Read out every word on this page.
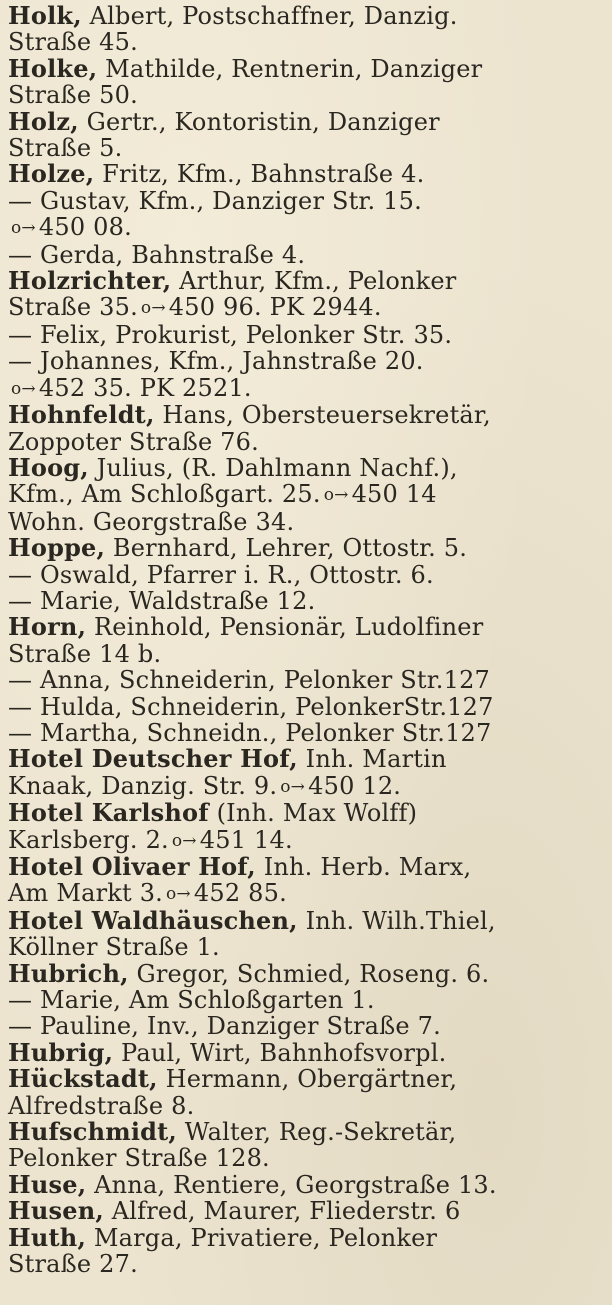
Holk, Albert, Postschaffner, Danzig.
Straße 45.
Holke, Mathilde, Rentnerin, Danziger
Straße 50.
Holz, Gertr., Kontoristin, Danziger
Straße 5.
Holze, Fritz, Kfm., Bahnstraße 4.
— Gustav, Kfm., Danziger Str. 15.
o→ 450 08.
— Gerda, Bahnstraße 4.
Holzrichter, Arthur, Kfm., Pelonker
Straße 35. o→ 450 96. PK 2944.
— Felix, Prokurist, Pelonker Str. 35.
— Johannes, Kfm., Jahnstraße 20.
o→ 452 35. PK 2521.
Hohnfeldt, Hans, Obersteuersekretär,
Zoppoter Straße 76.
Hoog, Julius, (R. Dahlmann Nachf.),
Kfm., Am Schloßgart. 25. o→ 450 14
Wohn. Georgstraße 34.
Hoppe, Bernhard, Lehrer, Ottostr. 5.
— Oswald, Pfarrer i. R., Ottostr. 6.
— Marie, Waldstraße 12.
Horn, Reinhold, Pensionär, Ludolfiner
Straße 14 b.
— Anna, Schneiderin, Pelonker Str.127
— Hulda, Schneiderin, PelonkerStr.127
— Martha, Schneidn., Pelonker Str.127
Hotel Deutscher Hof, Inh. Martin
Knaak, Danzig. Str. 9. o→ 450 12.
Hotel Karlshof (Inh. Max Wolff)
Karlsberg. 2. o→ 451 14.
Hotel Olivaer Hof, Inh. Herb. Marx,
Am Markt 3. o→ 452 85.
Hotel Waldhäuschen, Inh. Wilh.Thiel,
Köllner Straße 1.
Hubrich, Gregor, Schmied, Roseng. 6.
— Marie, Am Schloßgarten 1.
— Pauline, Inv., Danziger Straße 7.
Hubrig, Paul, Wirt, Bahnhofsvorpl.
Hückstadt, Hermann, Obergärtner,
Alfredstraße 8.
Hufschmidt, Walter, Reg.-Sekretär,
Pelonker Straße 128.
Huse, Anna, Rentiere, Georgstraße 13.
Husen, Alfred, Maurer, Fliederstr. 6
Huth, Marga, Privatiere, Pelonker
Straße 27.
